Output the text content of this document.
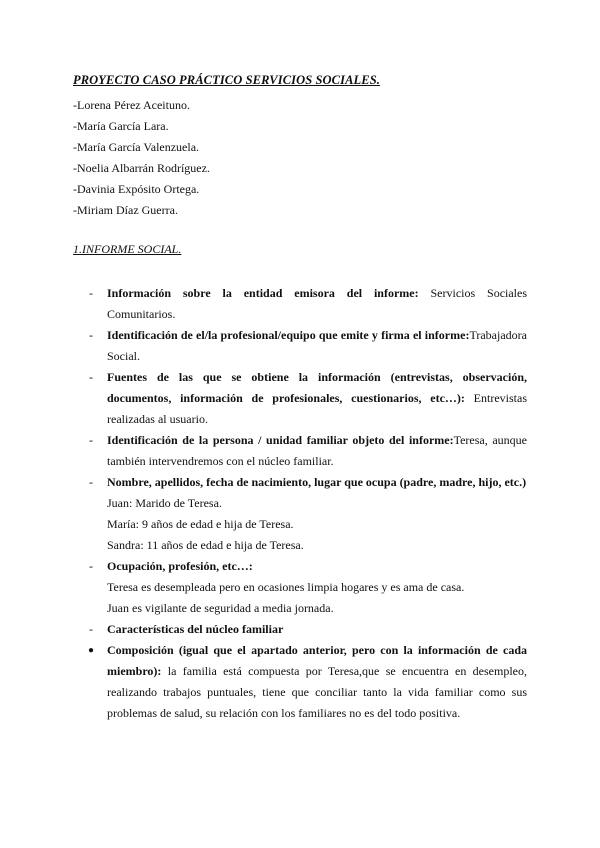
PROYECTO CASO PRÁCTICO SERVICIOS SOCIALES.
-Lorena Pérez Aceituno.
-María García Lara.
-María García Valenzuela.
-Noelia Albarrán Rodríguez.
-Davinia Expósito Ortega.
-Miriam Díaz Guerra.
1.INFORME SOCIAL.
-	Información sobre la entidad emisora del informe: Servicios Sociales Comunitarios.
-	Identificación de el/la profesional/equipo que emite y firma el informe:Trabajadora Social.
-	Fuentes de las que se obtiene la información (entrevistas, observación, documentos, información de profesionales, cuestionarios, etc…): Entrevistas realizadas al usuario.
-	Identificación de la persona / unidad familiar objeto del informe:Teresa, aunque también intervendremos con el núcleo familiar.
-	Nombre, apellidos, fecha de nacimiento, lugar que ocupa (padre, madre, hijo, etc.)
Juan: Marido de Teresa.
María: 9 años de edad e hija de Teresa.
Sandra: 11 años de edad e hija de Teresa.
-	Ocupación, profesión, etc…:
Teresa es desempleada pero en ocasiones limpia hogares y es ama de casa.
Juan es vigilante de seguridad a media jornada.
-	Características del núcleo familiar
●	Composición (igual que el apartado anterior, pero con la información de cada miembro): la familia está compuesta por Teresa,que se encuentra en desempleo, realizando trabajos puntuales, tiene que conciliar tanto la vida familiar como sus problemas de salud, su relación con los familiares no es del todo positiva.
